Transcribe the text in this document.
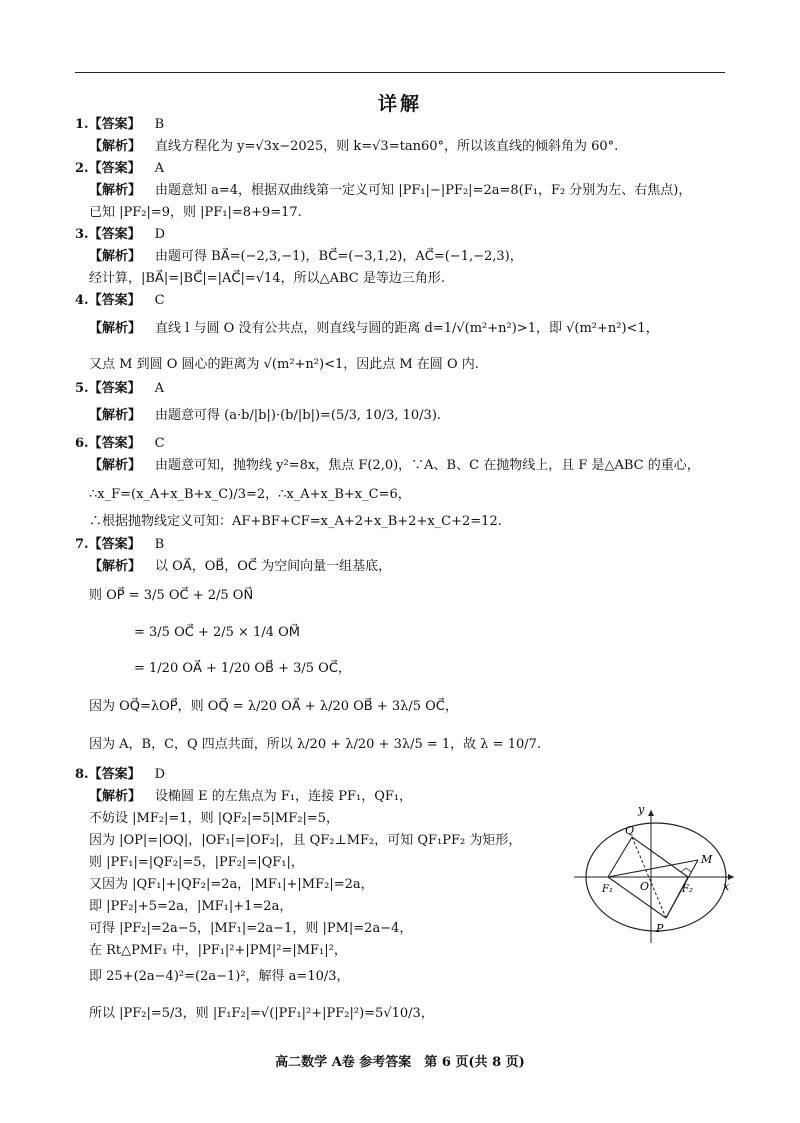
详解
1.【答案】 B
【解析】 直线方程化为 y=√3x−2025，则 k=√3=tan60°，所以该直线的倾斜角为 60°.
2.【答案】 A
【解析】 由题意知 a=4，根据双曲线第一定义可知 |PF₁|−|PF₂|=2a=8(F₁，F₂ 分别为左、右焦点)，
已知 |PF₂|=9，则 |PF₁|=8+9=17.
3.【答案】 D
【解析】 由题可得 BA⃗=(−2,3,−1)，BC⃗=(−3,1,2)，AC⃗=(−1,−2,3)，
经计算，|BA⃗|=|BC⃗|=|AC⃗|=√14，所以△ABC 是等边三角形.
4.【答案】 C
【解析】 直线 l 与圆 O 没有公共点，则直线与圆的距离 d=1/√(m²+n²)>1，即 √(m²+n²)<1，
又点 M 到圆 O 圆心的距离为 √(m²+n²)<1，因此点 M 在圆 O 内.
5.【答案】 A
【解析】 由题意可得 (a·b/|b|)·(b/|b|)=(5/3, 10/3, 10/3).
6.【答案】 C
【解析】 由题意可知，抛物线 y²=8x，焦点 F(2,0)，∵A、B、C 在抛物线上，且 F 是△ABC 的重心，
∴x_F=(x_A+x_B+x_C)/3=2，∴x_A+x_B+x_C=6，
∴根据抛物线定义可知：AF+BF+CF=x_A+2+x_B+2+x_C+2=12.
7.【答案】 B
【解析】 以 OA⃗，OB⃗，OC⃗ 为空间向量一组基底，
则 OP⃗ = 3/5 OC⃗ + 2/5 ON⃗
= 3/5 OC⃗ + 2/5 × 1/4 OM⃗
= 1/20 OA⃗ + 1/20 OB⃗ + 3/5 OC⃗，
因为 OQ⃗=λOP⃗，则 OQ⃗ = λ/20 OA⃗ + λ/20 OB⃗ + 3λ/5 OC⃗，
因为 A，B，C，Q 四点共面，所以 λ/20 + λ/20 + 3λ/5 = 1，故 λ = 10/7.
8.【答案】 D
【解析】 设椭圆 E 的左焦点为 F₁，连接 PF₁，QF₁，
不妨设 |MF₂|=1，则 |QF₂|=5|MF₂|=5，
因为 |OP|=|OQ|，|OF₁|=|OF₂|，且 QF₂⊥MF₂，可知 QF₁PF₂ 为矩形，
则 |PF₁|=|QF₂|=5，|PF₂|=|QF₁|，
又因为 |QF₁|+|QF₂|=2a，|MF₁|+|MF₂|=2a，
即 |PF₂|+5=2a，|MF₁|+1=2a，
可得 |PF₂|=2a−5，|MF₁|=2a−1，则 |PM|=2a−4，
在 Rt△PMF₁ 中，|PF₁|²+|PM|²=|MF₁|²，
即 25+(2a−4)²=(2a−1)²，解得 a=10/3，
所以 |PF₂|=5/3，则 |F₁F₂|=√(|PF₁|²+|PF₂|²)=5√10/3，
y
x
Q
M
F₁ O	F₂
P
高二数学 A卷 参考答案　第 6 页(共 8 页)
